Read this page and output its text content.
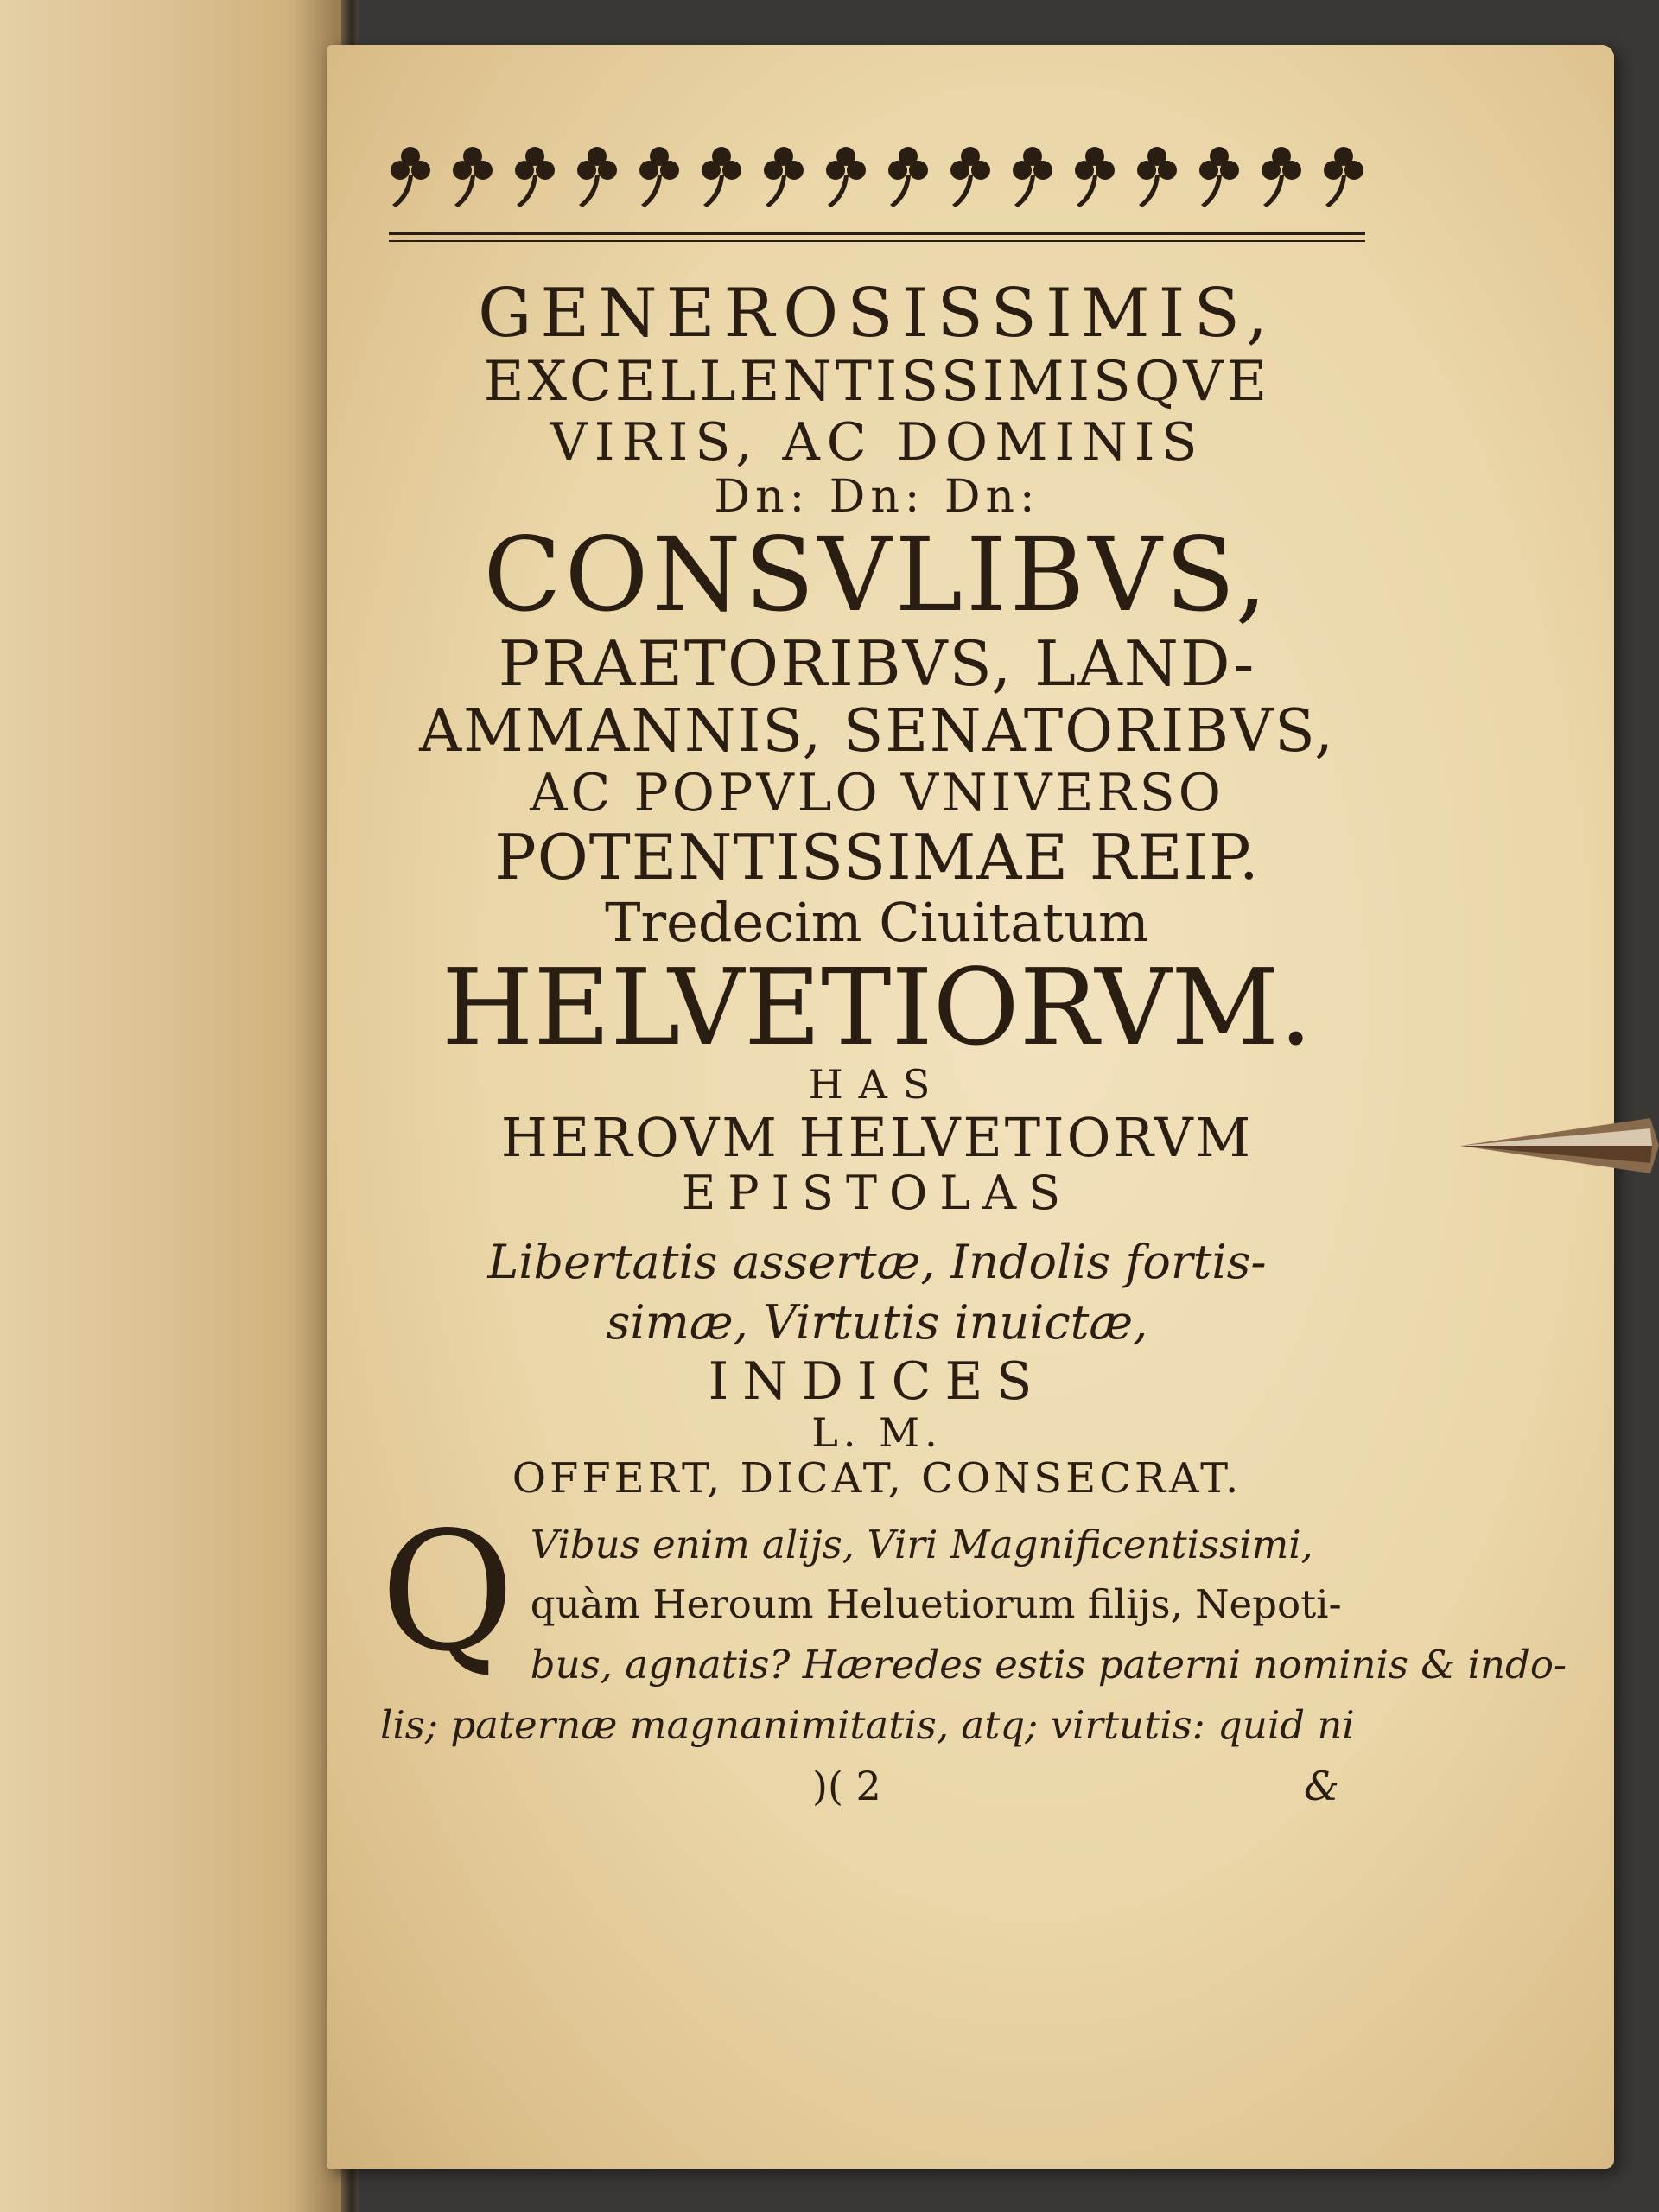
GENEROSISSIMIS,
EXCELLENTISSIMISQVE
VIRIS, AC DOMINIS
Dn: Dn: Dn:
CONSVLIBVS,
PRAETORIBVS, LAND-
AMMANNIS, SENATORIBVS,
AC POPVLO VNIVERSO
POTENTISSIMAE REIP.
Tredecim Ciuitatum
HELVETIORVM.
HAS
HEROVM HELVETIORVM
EPISTOLAS
Libertatis assertæ, Indolis fortis-
simæ, Virtutis inuictæ,
INDICES
L. M.
OFFERT, DICAT, CONSECRAT.
Q Vibus enim alijs, Viri Magnificentissimi,
quàm Heroum Heluetiorum filijs, Nepoti-
bus, agnatis? Hæredes estis paterni nominis & indo-
lis; paternæ magnanimitatis, atq; virtutis: quid ni
)( 2	&
